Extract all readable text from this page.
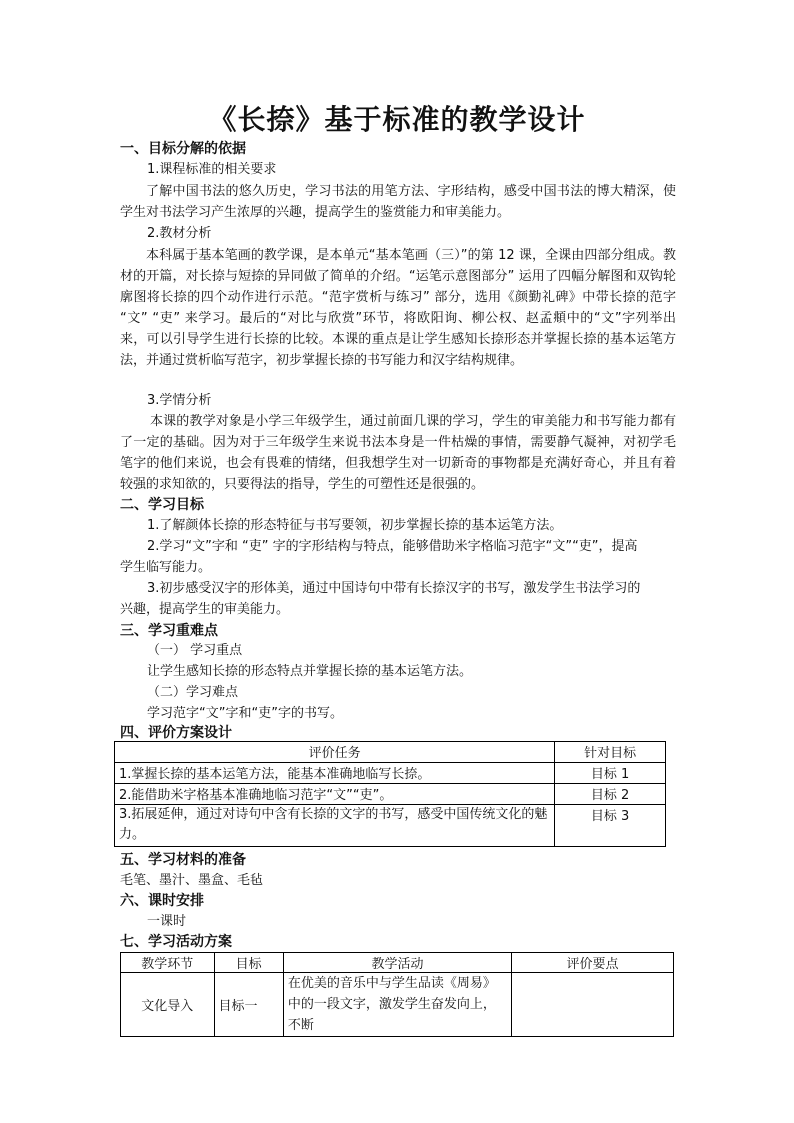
《长捺》基于标准的教学设计
一、目标分解的依据
1.课程标准的相关要求
了解中国书法的悠久历史，学习书法的用笔方法、字形结构，感受中国书法的博大精深，使学生对书法学习产生浓厚的兴趣，提高学生的鉴赏能力和审美能力。
2.教材分析
本科属于基本笔画的教学课，是本单元“基本笔画（三）”的第 12 课，全课由四部分组成。教材的开篇，对长捺与短捺的异同做了简单的介绍。“运笔示意图部分” 运用了四幅分解图和双钩轮廓图将长捺的四个动作进行示范。“范字赏析与练习” 部分，选用《颜勤礼碑》中带长捺的范字 “文” “吏” 来学习。最后的“对比与欣赏”环节，将欧阳询、柳公权、赵孟頫中的“文”字列举出来，可以引导学生进行长捺的比较。本课的重点是让学生感知长捺形态并掌握长捺的基本运笔方法，并通过赏析临写范字，初步掌握长捺的书写能力和汉字结构规律。
3.学情分析
本课的教学对象是小学三年级学生，通过前面几课的学习，学生的审美能力和书写能力都有了一定的基础。因为对于三年级学生来说书法本身是一件枯燥的事情，需要静气凝神，对初学毛笔字的他们来说，也会有畏难的情绪，但我想学生对一切新奇的事物都是充满好奇心，并且有着较强的求知欲的，只要得法的指导，学生的可塑性还是很强的。
二、学习目标
1.了解颜体长捺的形态特征与书写要领，初步掌握长捺的基本运笔方法。
2.学习“文”字和 “吏” 字的字形结构与特点，能够借助米字格临习范字“文”“吏”，提高
学生临写能力。
3.初步感受汉字的形体美，通过中国诗句中带有长捺汉字的书写，激发学生书法学习的
兴趣，提高学生的审美能力。
三、学习重难点
（一） 学习重点
让学生感知长捺的形态特点并掌握长捺的基本运笔方法。
（二）学习难点
学习范字“文”字和“吏”字的书写。
四、评价方案设计
评价任务	针对目标
1.掌握长捺的基本运笔方法，能基本准确地临写长捺。	目标 1
2.能借助米字格基本准确地临习范字“文”“吏”。	目标 2
3.拓展延伸，通过对诗句中含有长捺的文字的书写，感受中国传统文化的魅力。	目标 3
五、学习材料的准备
毛笔、墨汁、墨盒、毛毡
六、课时安排
一课时
七、学习活动方案
教学环节	目标	教学活动	评价要点
文化导入	目标一	在优美的音乐中与学生品读《周易》中的一段文字，激发学生奋发向上，不断	
